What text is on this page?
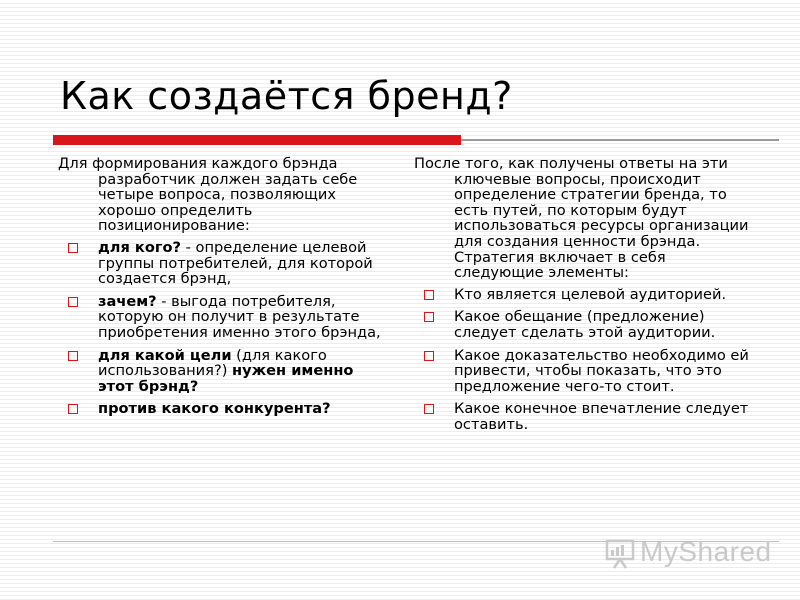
Как создаётся бренд?

Для формирования каждого брэнда разработчик должен задать себе четыре вопроса, позволяющих хорошо определить позиционирование:

для кого? - определение целевой группы потребителей, для которой создается брэнд,
зачем? - выгода потребителя, которую он получит в результате приобретения именно этого брэнда,
для какой цели (для какого использования?) нужен именно этот брэнд?
против какого конкурента?

После того, как получены ответы на эти ключевые вопросы, происходит определение стратегии бренда, то есть путей, по которым будут использоваться ресурсы организации для создания ценности брэнда. Стратегия включает в себя следующие элементы:

Кто является целевой аудиторией.
Какое обещание (предложение) следует сделать этой аудитории.
Какое доказательство необходимо ей привести, чтобы показать, что это предложение чего-то стоит.
Какое конечное впечатление следует оставить.
MyShared
